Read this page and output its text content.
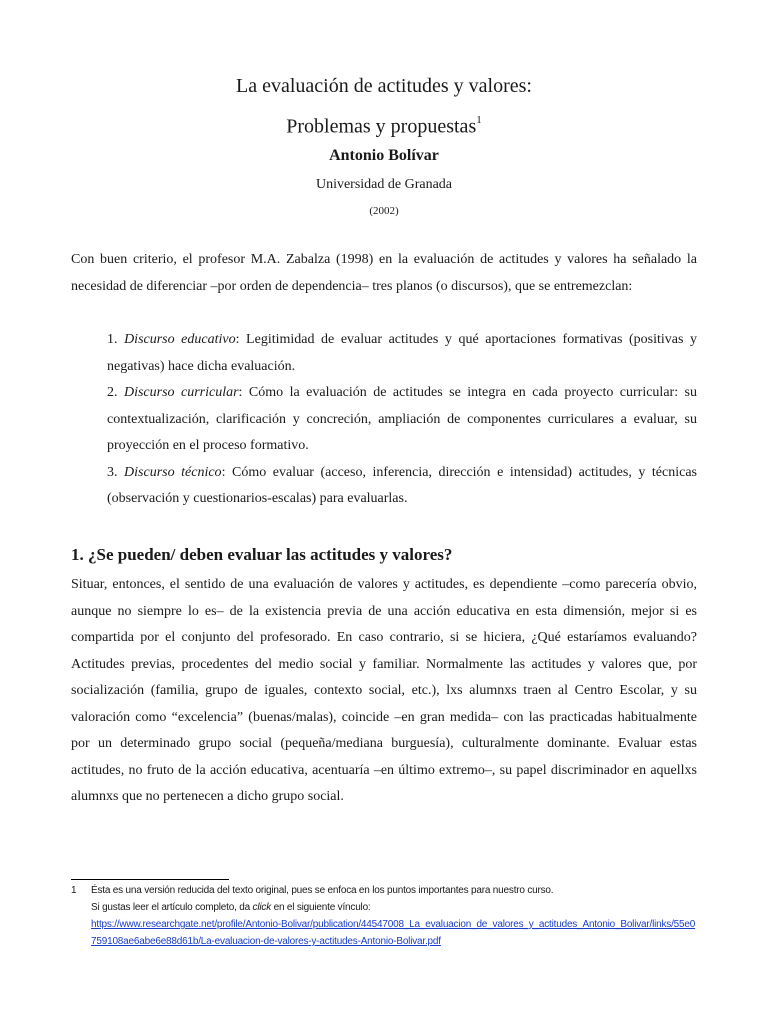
La evaluación de actitudes y valores:
Problemas y propuestas$^1$
Antonio Bolívar
Universidad de Granada
(2002)

Con buen criterio, el profesor M.A. Zabalza (1998) en la evaluación de actitudes y valores ha señalado la necesidad de diferenciar –por orden de dependencia– tres planos (o discursos), que se entremezclan:

1. Discurso educativo: Legitimidad de evaluar actitudes y qué aportaciones formativas (positivas y negativas) hace dicha evaluación.
2. Discurso curricular: Cómo la evaluación de actitudes se integra en cada proyecto curricular: su contextualización, clarificación y concreción, ampliación de componentes curriculares a evaluar, su proyección en el proceso formativo.
3. Discurso técnico: Cómo evaluar (acceso, inferencia, dirección e intensidad) actitudes, y técnicas (observación y cuestionarios-escalas) para evaluarlas.
1. ¿Se pueden/ deben evaluar las actitudes y valores?

Situar, entonces, el sentido de una evaluación de valores y actitudes, es dependiente –como parecería obvio, aunque no siempre lo es– de la existencia previa de una acción educativa en esta dimensión, mejor si es compartida por el conjunto del profesorado. En caso contrario, si se hiciera, ¿Qué estaríamos evaluando? Actitudes previas, procedentes del medio social y familiar. Normalmente las actitudes y valores que, por socialización (familia, grupo de iguales, contexto social, etc.), lxs alumnxs traen al Centro Escolar, y su valoración como “excelencia” (buenas/malas), coincide –en gran medida– con las practicadas habitualmente por un determinado grupo social (pequeña/mediana burguesía), culturalmente dominante. Evaluar estas actitudes, no fruto de la acción educativa, acentuaría –en último extremo–, su papel discriminador en aquellxs alumnxs que no pertenecen a dicho grupo social.

1 Ésta es una versión reducida del texto original, pues se enfoca en los puntos importantes para nuestro curso.
Si gustas leer el artículo completo, da click en el siguiente vínculo:
https://www.researchgate.net/profile/Antonio-Bolivar/publication/44547008_La_evaluacion_de_valores_y_actitudes_Antonio_Bolivar/links/55e0759108ae6abe6e88d61b/La-evaluacion-de-valores-y-actitudes-Antonio-Bolivar.pdf
